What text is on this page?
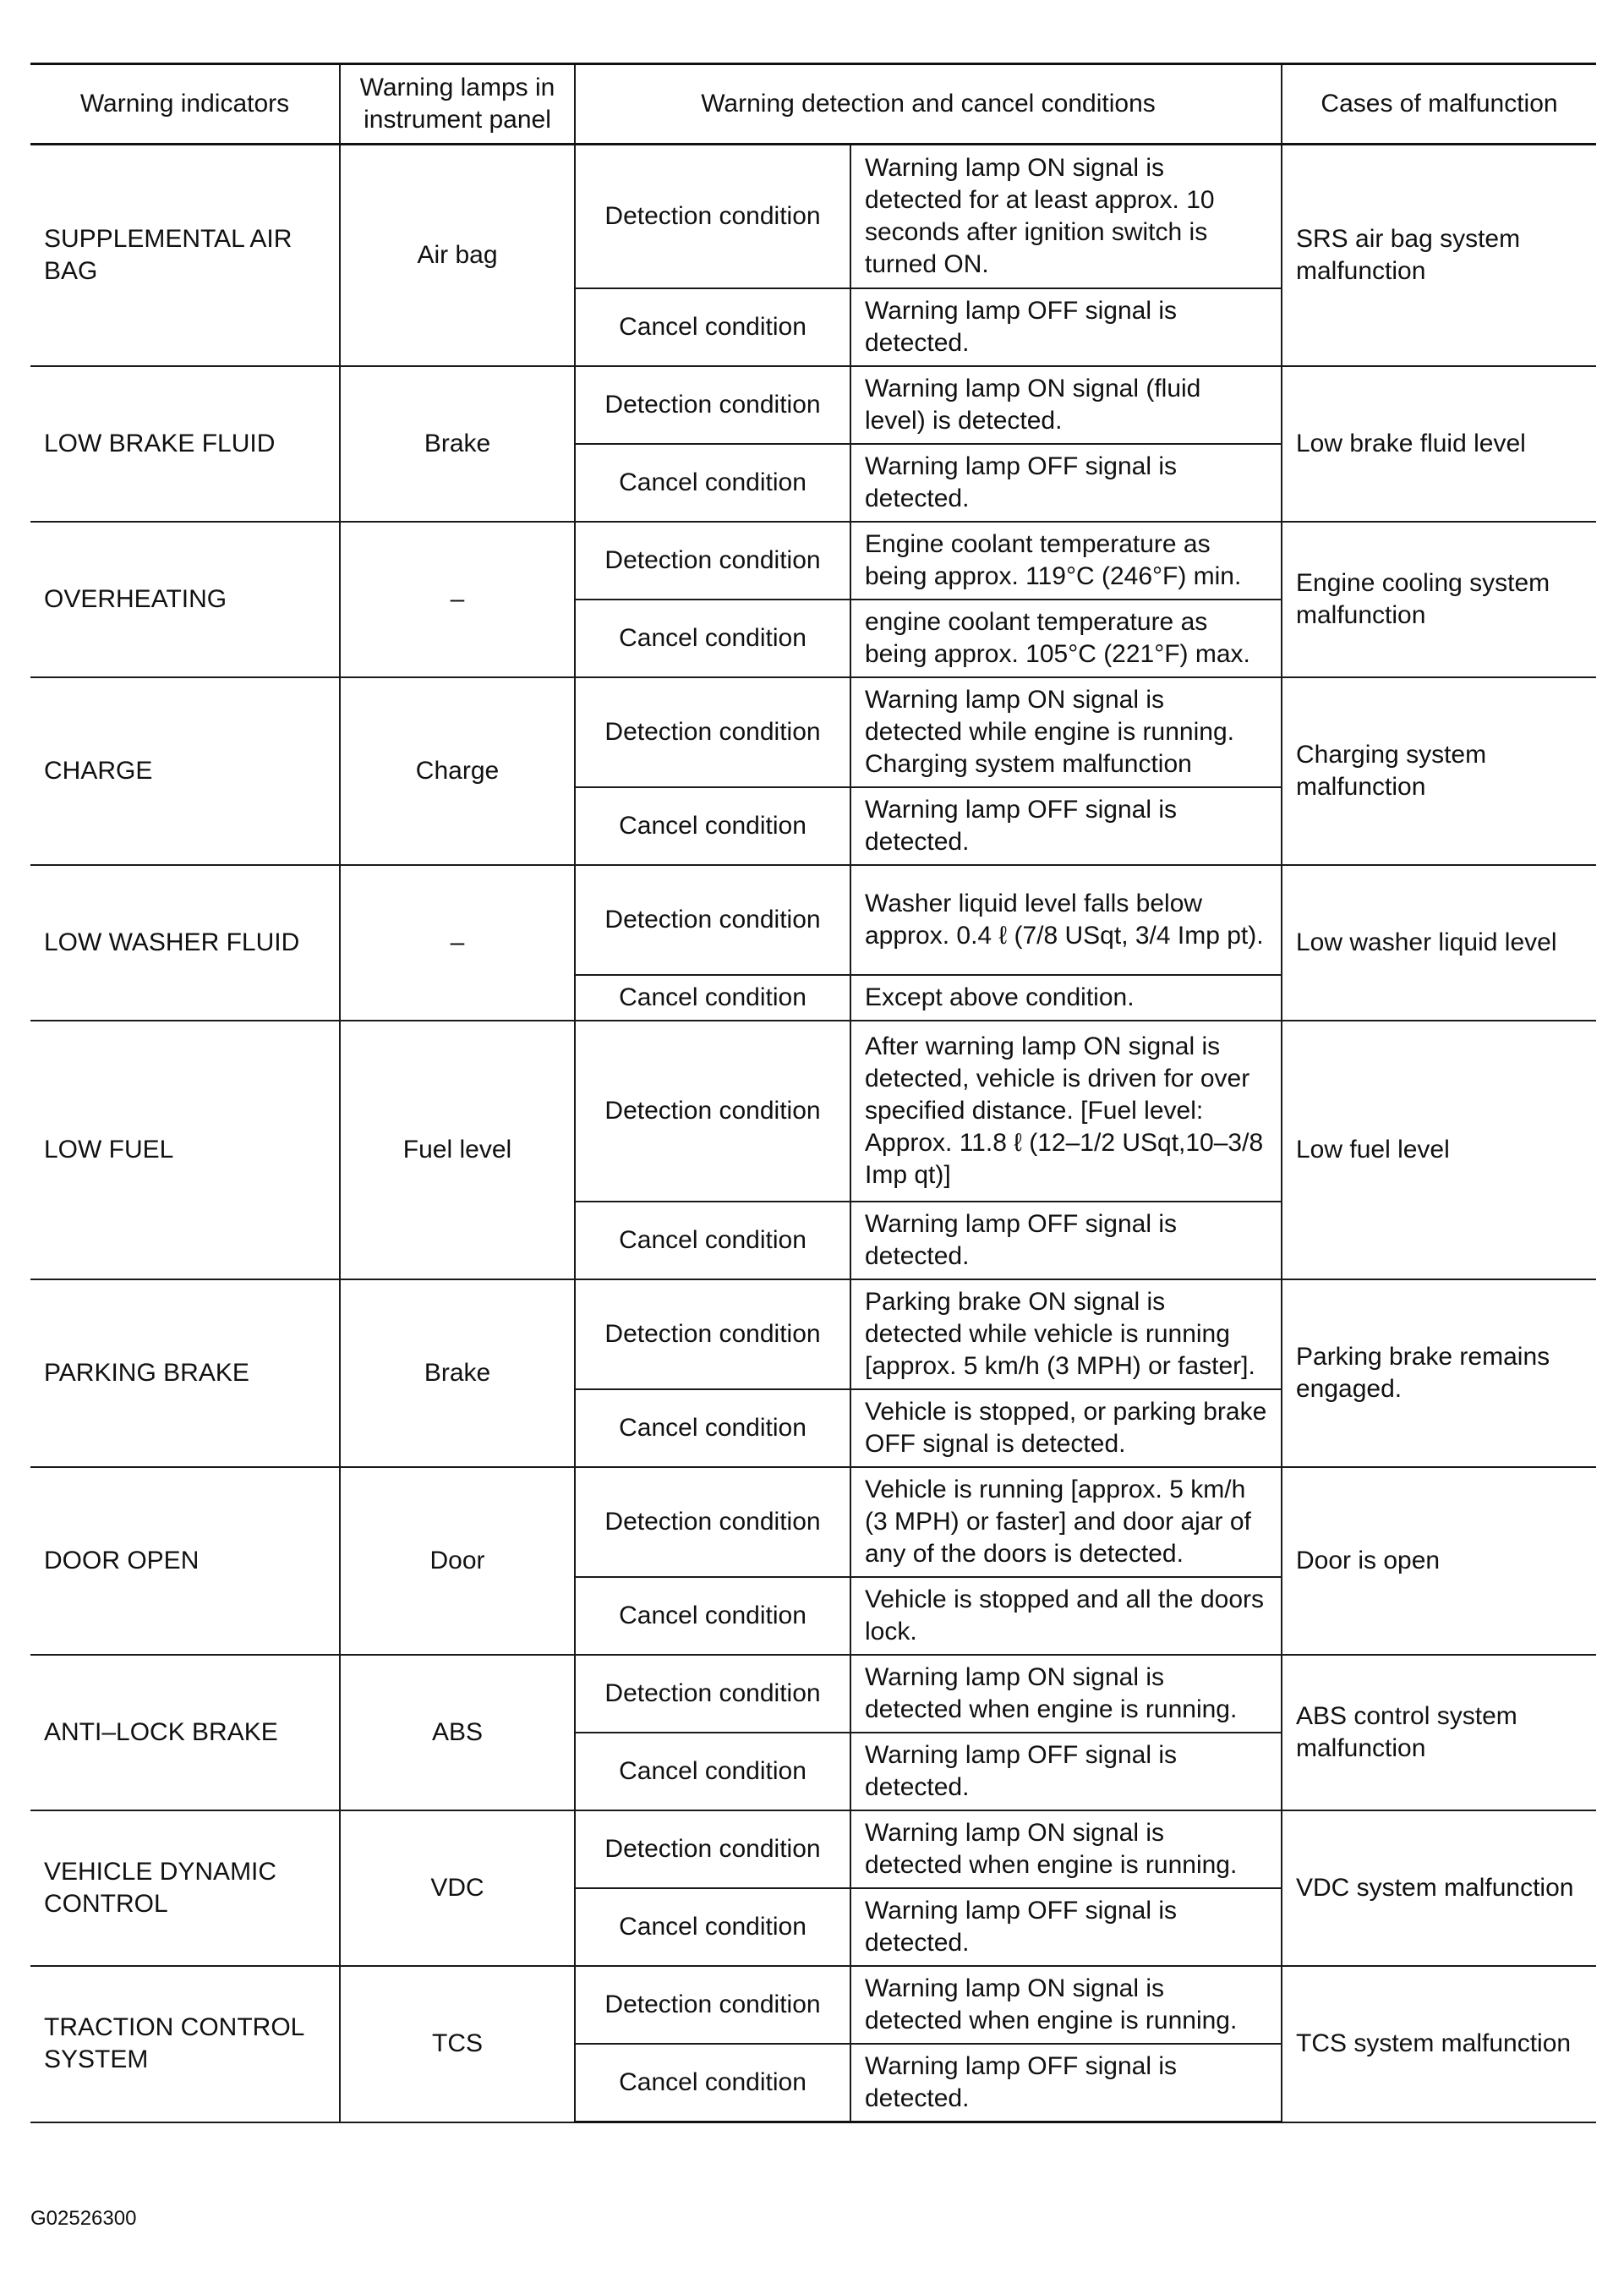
Warning indicators	Warning lamps in instrument panel	Warning detection and cancel conditions		Cases of malfunction
SUPPLEMENTAL AIR BAG	Air bag	Detection condition	Warning lamp ON signal is detected for at least approx. 10 seconds after ignition switch is turned ON.	SRS air bag system malfunction
		Cancel condition	Warning lamp OFF signal is detected.	
LOW BRAKE FLUID	Brake	Detection condition	Warning lamp ON signal (fluid level) is detected.	Low brake fluid level
		Cancel condition	Warning lamp OFF signal is detected.	
OVERHEATING	–	Detection condition	Engine coolant temperature as being approx. 119°C (246°F) min.	Engine cooling system malfunction
		Cancel condition	engine coolant temperature as being approx. 105°C (221°F) max.	
CHARGE	Charge	Detection condition	Warning lamp ON signal is detected while engine is running. Charging system malfunction	Charging system malfunction
		Cancel condition	Warning lamp OFF signal is detected.	
LOW WASHER FLUID	–	Detection condition	Washer liquid level falls below approx. 0.4 ℓ (7/8 USqt, 3/4 Imp pt).	Low washer liquid level
		Cancel condition	Except above condition.	
LOW FUEL	Fuel level	Detection condition	After warning lamp ON signal is detected, vehicle is driven for over specified distance. [Fuel level: Approx. 11.8 ℓ (12–1/2 USqt,10–3/8 Imp qt)]	Low fuel level
		Cancel condition	Warning lamp OFF signal is detected.	
PARKING BRAKE	Brake	Detection condition	Parking brake ON signal is detected while vehicle is running [approx. 5 km/h (3 MPH) or faster].	Parking brake remains engaged.
		Cancel condition	Vehicle is stopped, or parking brake OFF signal is detected.	
DOOR OPEN	Door	Detection condition	Vehicle is running [approx. 5 km/h (3 MPH) or faster] and door ajar of any of the doors is detected.	Door is open
		Cancel condition	Vehicle is stopped and all the doors lock.	
ANTI–LOCK BRAKE	ABS	Detection condition	Warning lamp ON signal is detected when engine is running.	ABS control system malfunction
		Cancel condition	Warning lamp OFF signal is detected.	
VEHICLE DYNAMIC CONTROL	VDC	Detection condition	Warning lamp ON signal is detected when engine is running.	VDC system malfunction
		Cancel condition	Warning lamp OFF signal is detected.	
TRACTION CONTROL SYSTEM	TCS	Detection condition	Warning lamp ON signal is detected when engine is running.	TCS system malfunction
		Cancel condition	Warning lamp OFF signal is detected.	
G02526300
